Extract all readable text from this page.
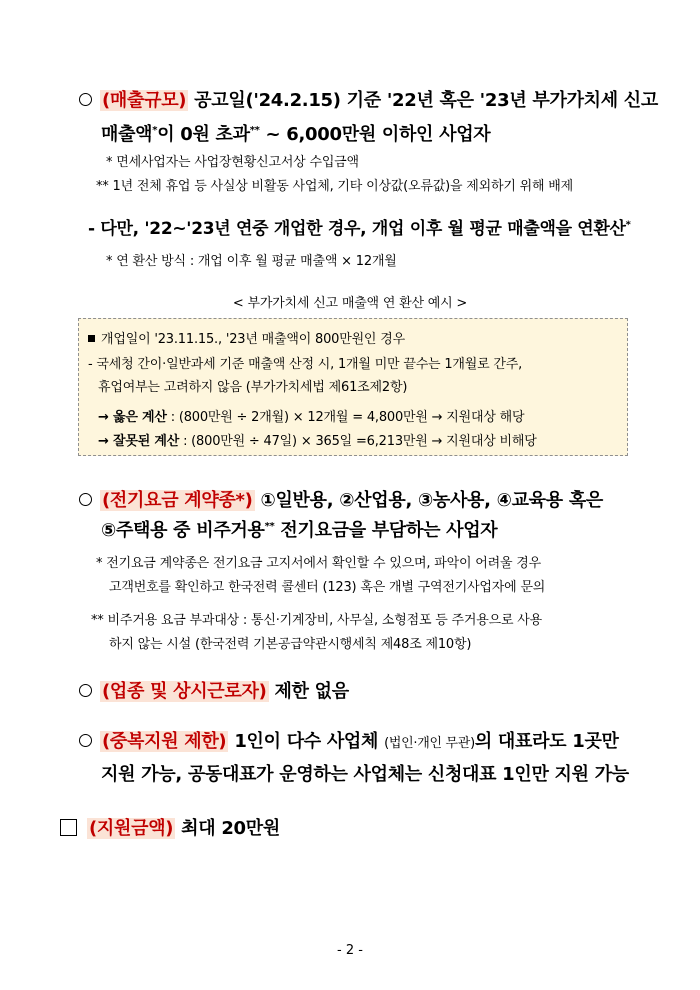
(매출규모) 공고일('24.2.15) 기준 '22년 혹은 '23년 부가가치세 신고
매출액*이 0원 초과** ~ 6,000만원 이하인 사업자
* 면세사업자는 사업장현황신고서상 수입금액
** 1년 전체 휴업 등 사실상 비활동 사업체, 기타 이상값(오류값)을 제외하기 위해 배제
- 다만, '22~'23년 연중 개업한 경우, 개업 이후 월 평균 매출액을 연환산*
* 연 환산 방식 : 개업 이후 월 평균 매출액 × 12개월
< 부가가치세 신고 매출액 연 환산 예시 >
개업일이 '23.11.15., '23년 매출액이 800만원인 경우
- 국세청 간이·일반과세 기준 매출액 산정 시, 1개월 미만 끝수는 1개월로 간주,
휴업여부는 고려하지 않음 (부가가치세법 제61조제2항)
→ 옳은 계산 : (800만원 ÷ 2개월) × 12개월 = 4,800만원 → 지원대상 해당
→ 잘못된 계산 : (800만원 ÷ 47일) × 365일 =6,213만원 → 지원대상 비해당
(전기요금 계약종*) ①일반용, ②산업용, ③농사용, ④교육용 혹은
⑤주택용 중 비주거용** 전기요금을 부담하는 사업자
* 전기요금 계약종은 전기요금 고지서에서 확인할 수 있으며, 파악이 어려울 경우
고객번호를 확인하고 한국전력 콜센터 (123) 혹은 개별 구역전기사업자에 문의
** 비주거용 요금 부과대상 : 통신·기계장비, 사무실, 소형점포 등 주거용으로 사용
하지 않는 시설 (한국전력 기본공급약관시행세칙 제48조 제10항)
(업종 및 상시근로자) 제한 없음
(중복지원 제한) 1인이 다수 사업체 (법인·개인 무관)의 대표라도 1곳만
지원 가능, 공동대표가 운영하는 사업체는 신청대표 1인만 지원 가능
(지원금액) 최대 20만원
- 2 -
